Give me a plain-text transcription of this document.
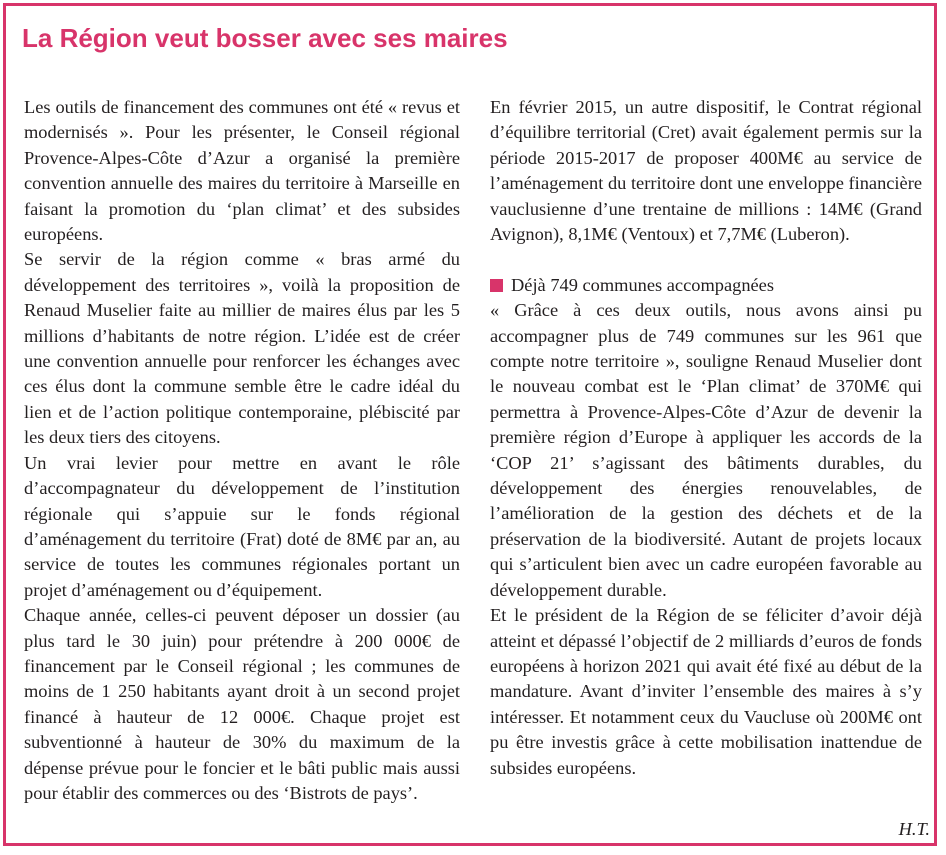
La Région veut bosser avec ses maires

Les outils de financement des communes ont été « revus et modernisés ». Pour les présenter, le Conseil régional Provence-Alpes-Côte d’Azur a organisé la première convention annuelle des maires du territoire à Marseille en faisant la promotion du ‘plan climat’ et des subsides européens.

Se servir de la région comme « bras armé du développement des territoires », voilà la proposition de Renaud Muselier faite au millier de maires élus par les 5 millions d’habitants de notre région. L’idée est de créer une convention annuelle pour renforcer les échanges avec ces élus dont la commune semble être le cadre idéal du lien et de l’action politique contemporaine, plébiscité par les deux tiers des citoyens.

Un vrai levier pour mettre en avant le rôle d’accompagnateur du développement de l’institution régionale qui s’appuie sur le fonds régional d’aménagement du territoire (Frat) doté de 8M€ par an, au service de toutes les communes régionales portant un projet d’aménagement ou d’équipement.

Chaque année, celles-ci peuvent déposer un dossier (au plus tard le 30 juin) pour prétendre à 200 000€ de financement par le Conseil régional ; les communes de moins de 1 250 habitants ayant droit à un second projet financé à hauteur de 12 000€. Chaque projet est subventionné à hauteur de 30% du maximum de la dépense prévue pour le foncier et le bâti public mais aussi pour établir des commerces ou des ‘Bistrots de pays’.

En février 2015, un autre dispositif, le Contrat régional d’équilibre territorial (Cret) avait également permis sur la période 2015-2017 de proposer 400M€ au service de l’aménagement du territoire dont une enveloppe financière vauclusienne d’une trentaine de millions : 14M€ (Grand Avignon), 8,1M€ (Ventoux) et 7,7M€ (Luberon).

Déjà 749 communes accompagnées

« Grâce à ces deux outils, nous avons ainsi pu accompagner plus de 749 communes sur les 961 que compte notre territoire », souligne Renaud Muselier dont le nouveau combat est le ‘Plan climat’ de 370M€ qui permettra à Provence-Alpes-Côte d’Azur de devenir la première région d’Europe à appliquer les accords de la ‘COP 21’ s’agissant des bâtiments durables, du développement des énergies renouvelables, de l’amélioration de la gestion des déchets et de la préservation de la biodiversité. Autant de projets locaux qui s’articulent bien avec un cadre européen favorable au développement durable.

Et le président de la Région de se féliciter d’avoir déjà atteint et dépassé l’objectif de 2 milliards d’euros de fonds européens à horizon 2021 qui avait été fixé au début de la mandature. Avant d’inviter l’ensemble des maires à s’y intéresser. Et notamment ceux du Vaucluse où 200M€ ont pu être investis grâce à cette mobilisation inattendue de subsides européens.

H.T.
